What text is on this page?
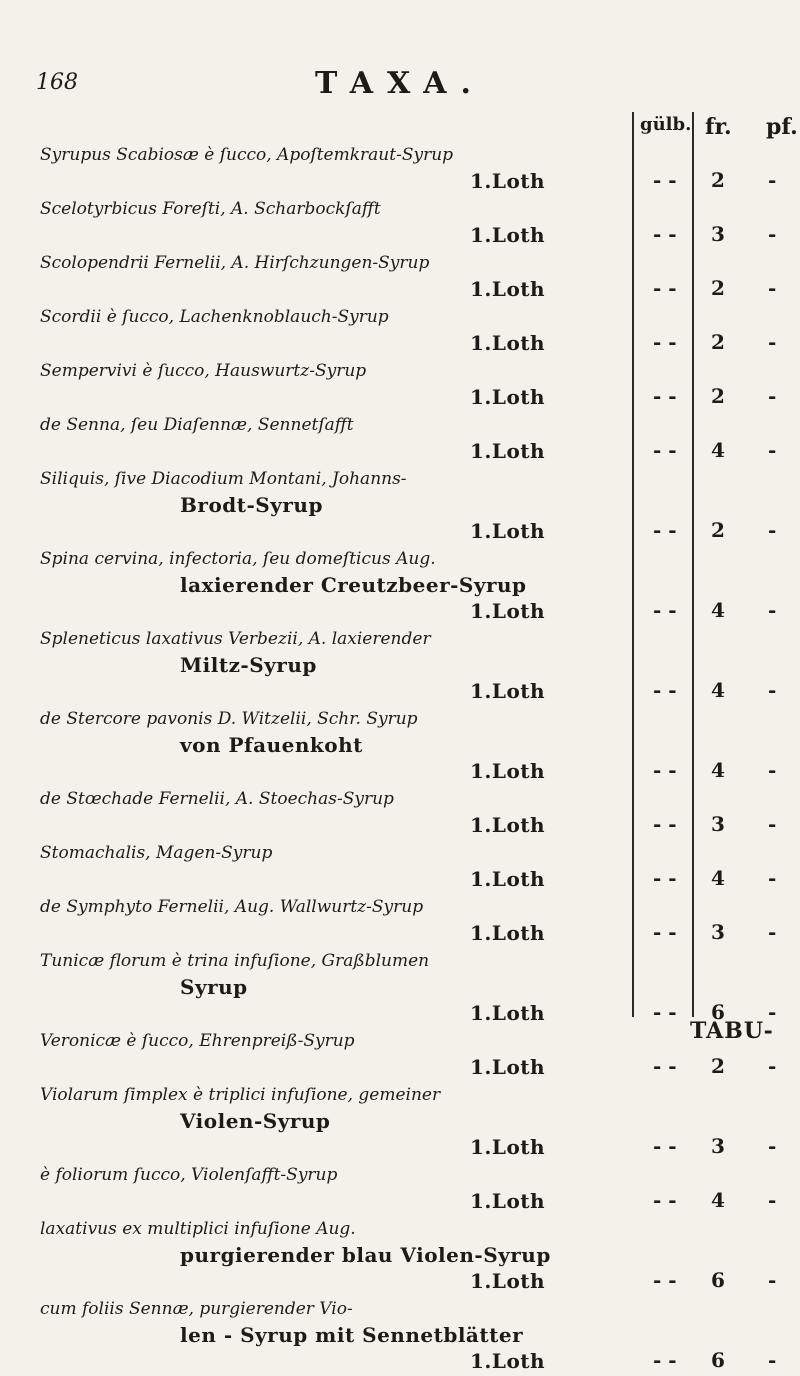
168	TAXA.
gülb. fr. pf.
Syrupus Scabiosæ è ſucco, Apoſtemkraut-Syrup
1.Loth	- - 2 -
Scelotyrbicus Foreſti, A. Scharbockſafft
1.Loth	- - 3 -
Scolopendrii Fernelii, A. Hirſchzungen-Syrup
1.Loth	- - 2 -
Scordii è ſucco, Lachenknoblauch-Syrup
1.Loth	- - 2 -
Sempervivi è ſucco, Hauswurtz-Syrup
1.Loth	- - 2 -
de Senna, ſeu Diaſennæ, Sennetſafft
1.Loth	- - 4 -
Siliquis, ſive Diacodium Montani, Johanns-
Brodt-Syrup
1.Loth	- - 2 -
Spina cervina, infectoria, ſeu domeſticus Aug.
laxierender Creutzbeer-Syrup
1.Loth	- - 4 -
Spleneticus laxativus Verbezii, A. laxierender
Miltz-Syrup
1.Loth	- - 4 -
de Stercore pavonis D. Witzelii, Schr. Syrup
von Pfauenkoht
1.Loth	- - 4 -
de Stœchade Fernelii, A. Stoechas-Syrup
1.Loth	- - 3 -
Stomachalis, Magen-Syrup
1.Loth	- - 4 -
de Symphyto Fernelii, Aug. Wallwurtz-Syrup
1.Loth	- - 3 -
Tunicæ florum è trina infuſione, Graßblumen
Syrup
1.Loth	- - 6 -
Veronicæ è ſucco, Ehrenpreiß-Syrup
1.Loth	- - 2 -
Violarum ſimplex è triplici infuſione, gemeiner
Violen-Syrup
1.Loth	- - 3 -
è foliorum ſucco, Violenſafft-Syrup
1.Loth	- - 4 -
laxativus ex multiplici infuſione Aug.
purgierender blau Violen-Syrup
1.Loth	- - 6 -
cum foliis Sennæ, purgierender Vio-
len - Syrup mit Sennetblätter
1.Loth	- - 6 -
TABU-
